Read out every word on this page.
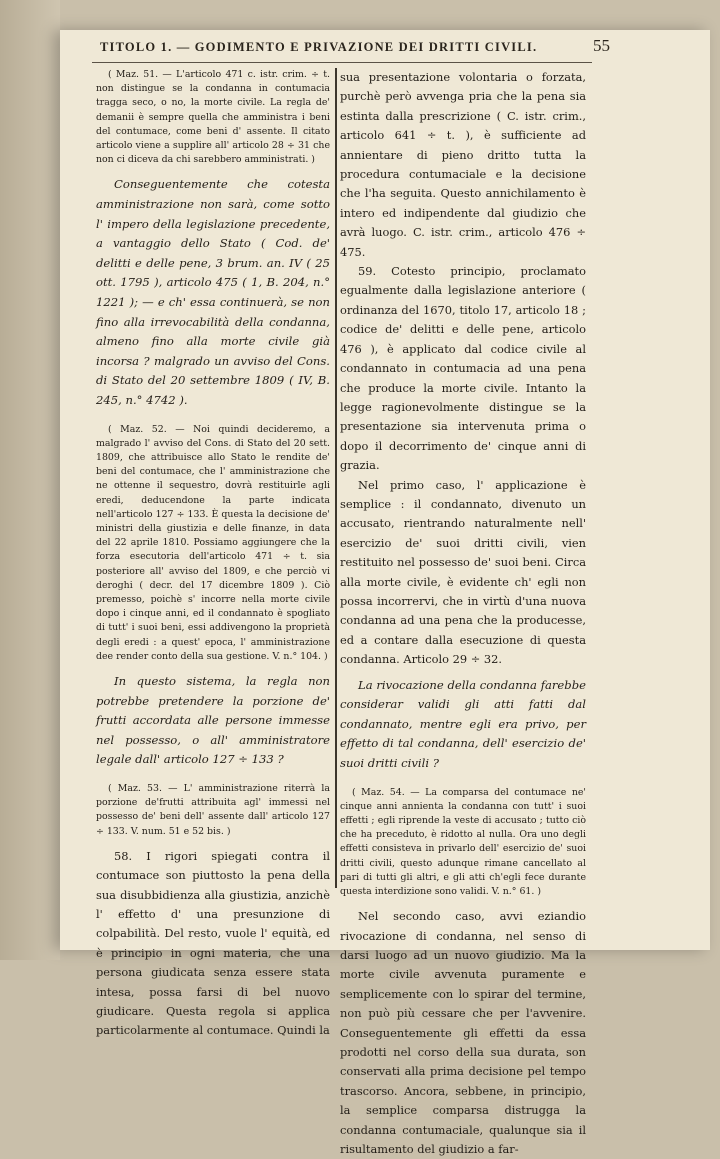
TITOLO 1. — GODIMENTO E PRIVAZIONE DEI DRITTI CIVILI.	55

( Maz. 51. — L'articolo 471 c. istr. crim. ÷ t. non distingue se la condanna in contumacia tragga seco, o no, la morte civile. La regla de' demanii è sempre quella che amministra i beni del contumace, come beni d' assente. Il citato articolo viene a supplire all' articolo 28 ÷ 31 che non ci diceva da chi sarebbero amministrati. )

Conseguentemente che cotesta amministrazione non sarà, come sotto l' impero della legislazione precedente, a vantaggio dello Stato ( Cod. de' delitti e delle pene, 3 brum. an. IV ( 25 ott. 1795 ), articolo 475 ( 1, B. 204, n.° 1221 ); — e ch' essa continuerà, se non fino alla irrevocabilità della condanna, almeno fino alla morte civile già incorsa ? malgrado un avviso del Cons. di Stato del 20 settembre 1809 ( IV, B. 245, n.° 4742 ).

( Maz. 52. — Noi quindi decideremo, a malgrado l' avviso del Cons. di Stato del 20 sett. 1809, che attribuisce allo Stato le rendite de' beni del contumace, che l' amministrazione che ne ottenne il sequestro, dovrà restituirle agli eredi, deducendone la parte indicata nell'articolo 127 ÷ 133. È questa la decisione de' ministri della giustizia e delle finanze, in data del 22 aprile 1810. Possiamo aggiungere che la forza esecutoria dell'articolo 471 ÷ t. sia posteriore all' avviso del 1809, e che perciò vi deroghi ( decr. del 17 dicembre 1809 ). Ciò premesso, poichè s' incorre nella morte civile dopo i cinque anni, ed il condannato è spogliato di tutt' i suoi beni, essi addivengono la proprietà degli eredi : a quest' epoca, l' amministrazione dee render conto della sua gestione. V. n.° 104. )

In questo sistema, la regla non potrebbe pretendere la porzione de' frutti accordata alle persone immesse nel possesso, o all' amministratore legale dall' articolo 127 ÷ 133 ?

( Maz. 53. — L' amministrazione riterrà la porzione de'frutti attribuita agl' immessi nel possesso de' beni dell' assente dall' articolo 127 ÷ 133. V. num. 51 e 52 bis. )

58. I rigori spiegati contra il contumace son piuttosto la pena della sua disubbidienza alla giustizia, anzichè l' effetto d' una presunzione di colpabilità. Del resto, vuole l' equità, ed è principio in ogni materia, che una persona giudicata senza essere stata intesa, possa farsi di bel nuovo giudicare. Questa regola si applica particolarmente al contumace. Quindi la

sua presentazione volontaria o forzata, purchè però avvenga pria che la pena sia estinta dalla prescrizione ( C. istr. crim., articolo 641 ÷ t. ), è sufficiente ad annientare di pieno dritto tutta la procedura contumaciale e la decisione che l'ha seguita. Questo annichilamento è intero ed indipendente dal giudizio che avrà luogo. C. istr. crim., articolo 476 ÷ 475.

59. Cotesto principio, proclamato egualmente dalla legislazione anteriore ( ordinanza del 1670, titolo 17, articolo 18 ; codice de' delitti e delle pene, articolo 476 ), è applicato dal codice civile al condannato in contumacia ad una pena che produce la morte civile. Intanto la legge ragionevolmente distingue se la presentazione sia intervenuta prima o dopo il decorrimento de' cinque anni di grazia.

Nel primo caso, l' applicazione è semplice : il condannato, divenuto un accusato, rientrando naturalmente nell' esercizio de' suoi dritti civili, vien restituito nel possesso de' suoi beni. Circa alla morte civile, è evidente ch' egli non possa incorrervi, che in virtù d'una nuova condanna ad una pena che la producesse, ed a contare dalla esecuzione di questa condanna. Articolo 29 ÷ 32.

La rivocazione della condanna farebbe considerar validi gli atti fatti dal condannato, mentre egli era privo, per effetto di tal condanna, dell' esercizio de' suoi dritti civili ?

( Maz. 54. — La comparsa del contumace ne' cinque anni annienta la condanna con tutt' i suoi effetti ; egli riprende la veste di accusato ; tutto ciò che ha preceduto, è ridotto al nulla. Ora uno degli effetti consisteva in privarlo dell' esercizio de' suoi dritti civili, questo adunque rimane cancellato al pari di tutti gli altri, e gli atti ch'egli fece durante questa interdizione sono validi. V. n.° 61. )

Nel secondo caso, avvi eziandio rivocazione di condanna, nel senso di darsi luogo ad un nuovo giudizio. Ma la morte civile avvenuta puramente e semplicemente con lo spirar del termine, non può più cessare che per l'avvenire. Conseguentemente gli effetti da essa prodotti nel corso della sua durata, son conservati alla prima decisione pel tempo trascorso. Ancora, sebbene, in principio, la semplice comparsa distrugga la condanna contumaciale, qualunque sia il risultamento del giudizio a far-
